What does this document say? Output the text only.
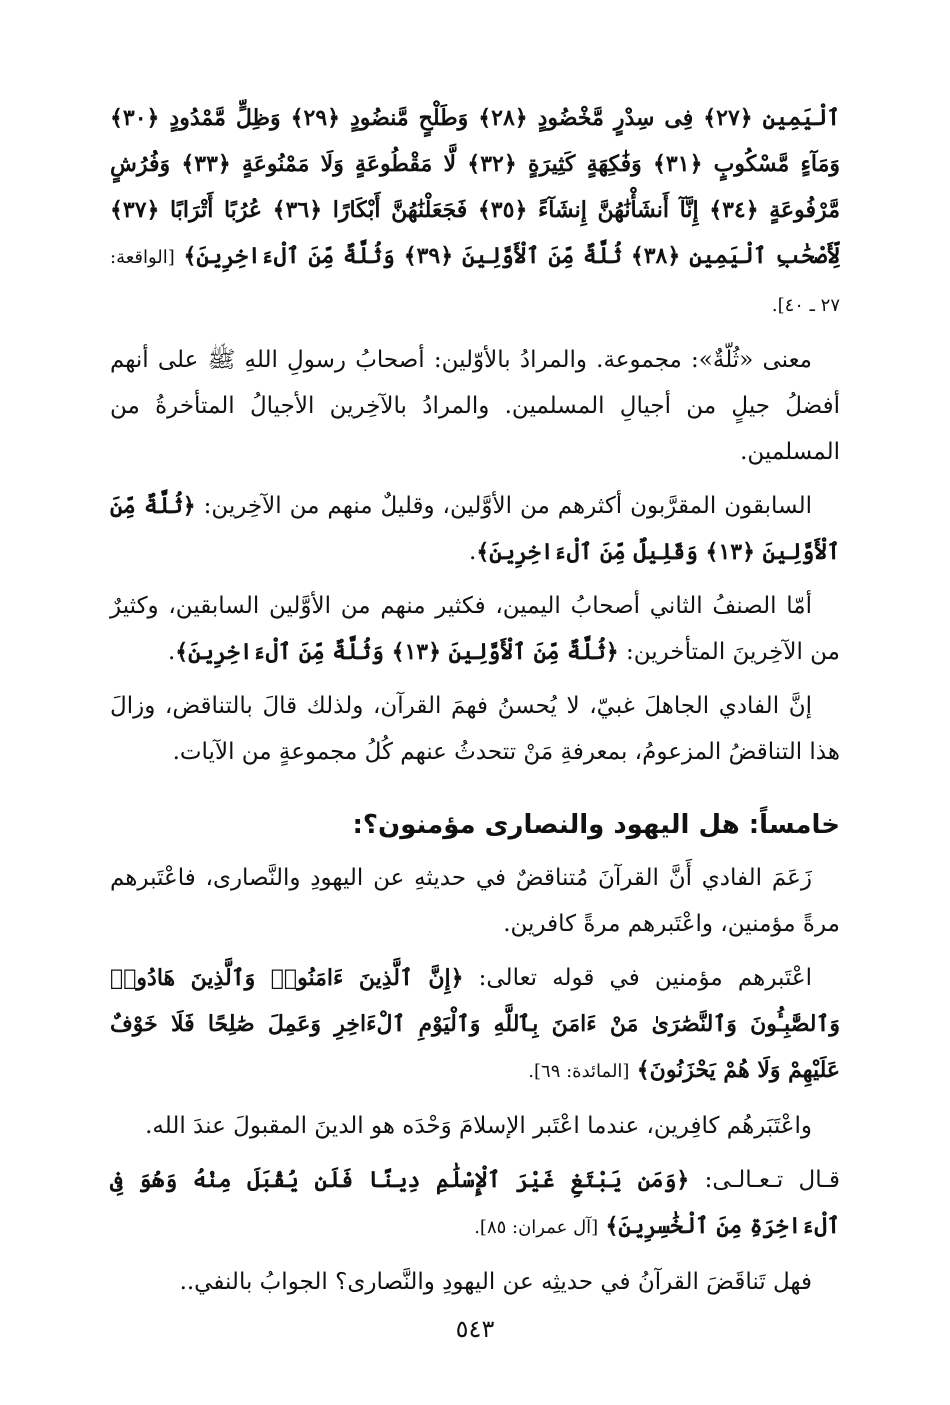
ٱلْيَمِينِ ﴿٢٧﴾ فِى سِدْرٍ مَّخْضُودٍ ﴿٢٨﴾ وَطَلْحٍ مَّنضُودٍ ﴿٢٩﴾ وَظِلٍّ مَّمْدُودٍ ﴿٣٠﴾ وَمَآءٍ مَّسْكُوبٍ ﴿٣١﴾ وَفَٰكِهَةٍ كَثِيرَةٍ ﴿٣٢﴾ لَّا مَقْطُوعَةٍ وَلَا مَمْنُوعَةٍ ﴿٣٣﴾ وَفُرُشٍ مَّرْفُوعَةٍ ﴿٣٤﴾ إِنَّآ أَنشَأْنَٰهُنَّ إِنشَآءً ﴿٣٥﴾ فَجَعَلْنَٰهُنَّ أَبْكَارًا ﴿٣٦﴾ عُرُبًا أَتْرَابًا ﴿٣٧﴾ لِّأَصْحَٰبِ ٱلْيَمِينِ ﴿٣٨﴾ ثُلَّةٌ مِّنَ ٱلْأَوَّلِينَ ﴿٣٩﴾ وَثُلَّةٌ مِّنَ ٱلْءَاخِرِينَ﴾ [الواقعة: ٢٧ ـ ٤٠].

معنى «ثُلّةٌ»: مجموعة. والمرادُ بالأوّلين: أصحابُ رسولِ اللهِ ﷺ على أنهم أفضلُ جيلٍ من أجيالِ المسلمين. والمرادُ بالآخِرين الأجيالُ المتأخرةُ من المسلمين.

السابقون المقرَّبون أكثرهم من الأوَّلين، وقليلٌ منهم من الآخِرين: ﴿ثُلَّةٌ مِّنَ ٱلْأَوَّلِينَ ﴿١٣﴾ وَقَلِيلٌ مِّنَ ٱلْءَاخِرِينَ﴾.

أمّا الصنفُ الثاني أصحابُ اليمين، فكثير منهم من الأوَّلين السابقين، وكثيرٌ من الآخِرينَ المتأخرين: ﴿ثُلَّةٌ مِّنَ ٱلْأَوَّلِينَ ﴿١٣﴾ وَثُلَّةٌ مِّنَ ٱلْءَاخِرِينَ﴾.

إنَّ الفادي الجاهلَ غبيّ، لا يُحسنُ فهمَ القرآن، ولذلك قالَ بالتناقض، وزالَ هذا التناقضُ المزعومُ، بمعرفةِ مَنْ تتحدثُ عنهم كُلُ مجموعةٍ من الآيات.

خامساً: هل اليهود والنصارى مؤمنون؟:

زَعَمَ الفادي أَنَّ القرآنَ مُتناقضٌ في حديثهِ عن اليهودِ والنَّصارى، فاعْتَبرهم مرةً مؤمنين، واعْتَبرهم مرةً كافرين.

اعْتَبرهم مؤمنين في قوله تعالى: ﴿إِنَّ ٱلَّذِينَ ءَامَنُوا۟ وَٱلَّذِينَ هَادُوا۟ وَٱلصَّٰبِـُٔونَ وَٱلنَّصَٰرَىٰ مَنْ ءَامَنَ بِٱللَّهِ وَٱلْيَوْمِ ٱلْءَاخِرِ وَعَمِلَ صَٰلِحًا فَلَا خَوْفٌ عَلَيْهِمْ وَلَا هُمْ يَحْزَنُونَ﴾ [المائدة: ٦٩].

واعْتَبَرهُم كافِرين، عندما اعْتَبر الإسلامَ وَحْدَه هو الدينَ المقبولَ عندَ الله.

قـال تـعـالـى: ﴿وَمَن يَبْتَغِ غَيْرَ ٱلْإِسْلَٰمِ دِينًا فَلَن يُقْبَلَ مِنْهُ وَهُوَ فِى ٱلْءَاخِرَةِ مِنَ ٱلْخَٰسِرِينَ﴾ [آل عمران: ٨٥].

فهل تَناقَضَ القرآنُ في حديثِه عن اليهودِ والنَّصارى؟ الجوابُ بالنفي..

٥٤٣
